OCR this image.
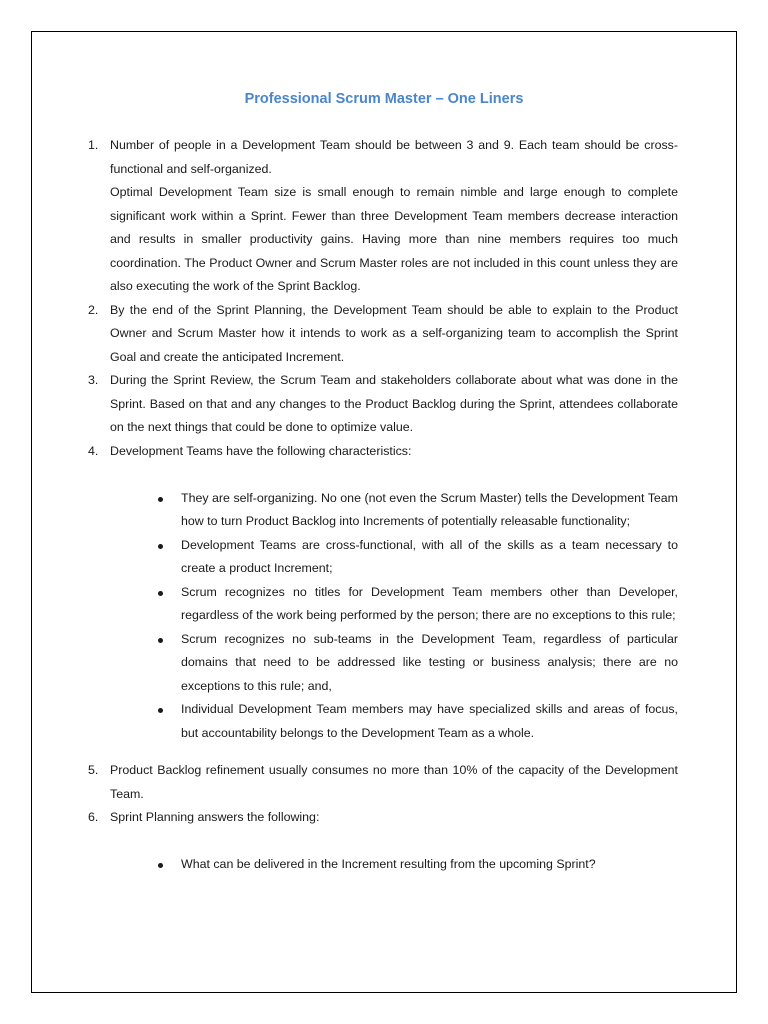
Professional Scrum Master – One Liners
1. Number of people in a Development Team should be between 3 and 9. Each team should be cross-functional and self-organized.

Optimal Development Team size is small enough to remain nimble and large enough to complete significant work within a Sprint. Fewer than three Development Team members decrease interaction and results in smaller productivity gains. Having more than nine members requires too much coordination. The Product Owner and Scrum Master roles are not included in this count unless they are also executing the work of the Sprint Backlog.

2. By the end of the Sprint Planning, the Development Team should be able to explain to the Product Owner and Scrum Master how it intends to work as a self-organizing team to accomplish the Sprint Goal and create the anticipated Increment.

3. During the Sprint Review, the Scrum Team and stakeholders collaborate about what was done in the Sprint. Based on that and any changes to the Product Backlog during the Sprint, attendees collaborate on the next things that could be done to optimize value.

4. Development Teams have the following characteristics:

They are self-organizing. No one (not even the Scrum Master) tells the Development Team how to turn Product Backlog into Increments of potentially releasable functionality;
Development Teams are cross-functional, with all of the skills as a team necessary to create a product Increment;
Scrum recognizes no titles for Development Team members other than Developer, regardless of the work being performed by the person; there are no exceptions to this rule;
Scrum recognizes no sub-teams in the Development Team, regardless of particular domains that need to be addressed like testing or business analysis; there are no exceptions to this rule; and,
Individual Development Team members may have specialized skills and areas of focus, but accountability belongs to the Development Team as a whole.
5. Product Backlog refinement usually consumes no more than 10% of the capacity of the Development Team.

6. Sprint Planning answers the following:

What can be delivered in the Increment resulting from the upcoming Sprint?
